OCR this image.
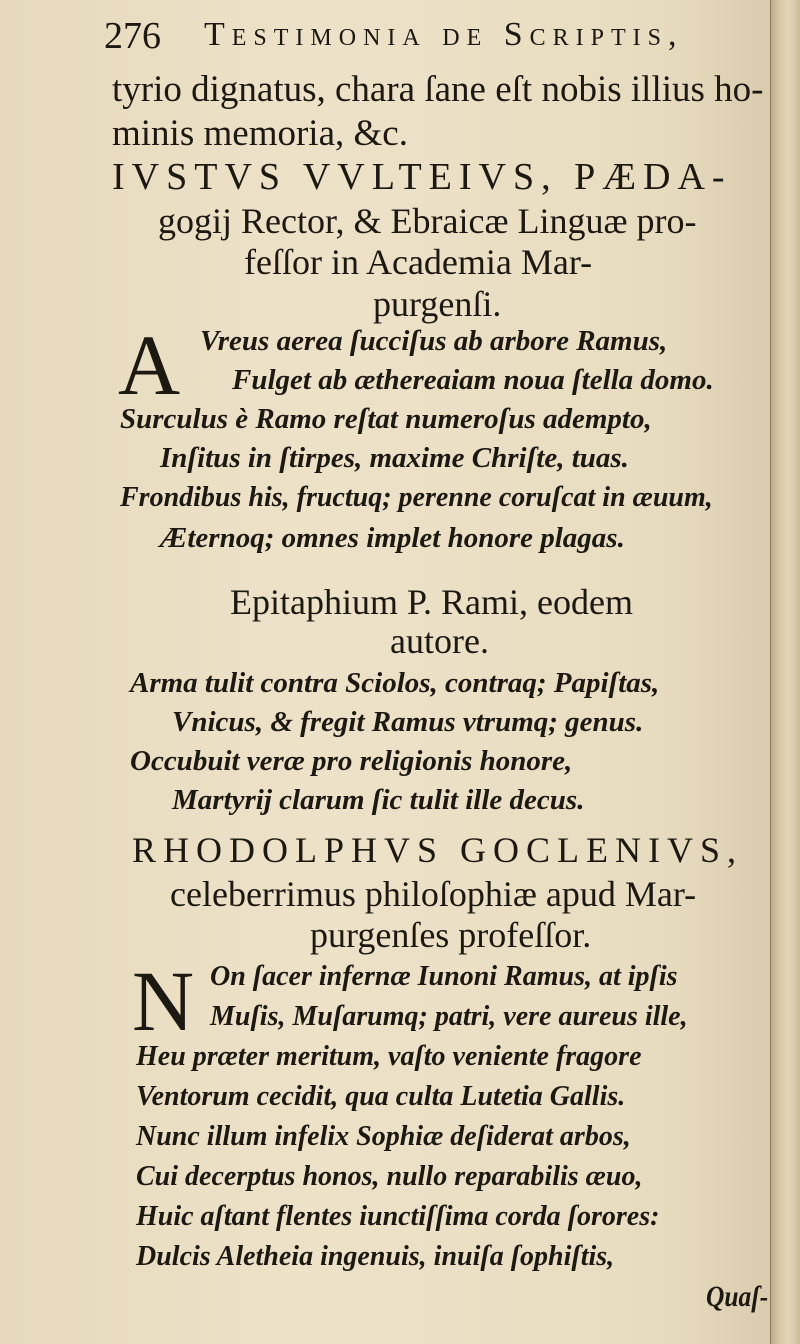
276 Testimonia de Scriptis,
tyrio dignatus, chara ſane eſt nobis illius ho-
minis memoria, &c.
IVSTVS VVLTEIVS, PÆDA-
gogij Rector, & Ebraicæ Linguæ pro-
feſſor in Academia Mar-
purgenſi.
A Vreus aerea ſucciſus ab arbore Ramus,
Fulget ab æthereaiam noua ſtella domo.
Surculus è Ramo reſtat numeroſus adempto,
Inſitus in ſtirpes, maxime Chriſte, tuas.
Frondibus his, fructuq; perenne coruſcat in æuum,
Æternoq; omnes implet honore plagas.
Epitaphium P. Rami, eodem
autore.
Arma tulit contra Sciolos, contraq; Papiſtas,
Vnicus, & fregit Ramus vtrumq; genus.
Occubuit veræ pro religionis honore,
Martyrij clarum ſic tulit ille decus.
RHODOLPHVS GOCLENIVS,
celeberrimus philoſophiæ apud Mar-
purgenſes profeſſor.
N On ſacer infernæ Iunoni Ramus, at ipſis
Muſis, Muſarumq; patri, vere aureus ille,
Heu præter meritum, vaſto veniente fragore
Ventorum cecidit, qua culta Lutetia Gallis.
Nunc illum infelix Sophiæ deſiderat arbos,
Cui decerptus honos, nullo reparabilis æuo,
Huic aſtant flentes iunctiſſima corda ſorores:
Dulcis Aletheia ingenuis, inuiſa ſophiſtis,
Quaſ-
